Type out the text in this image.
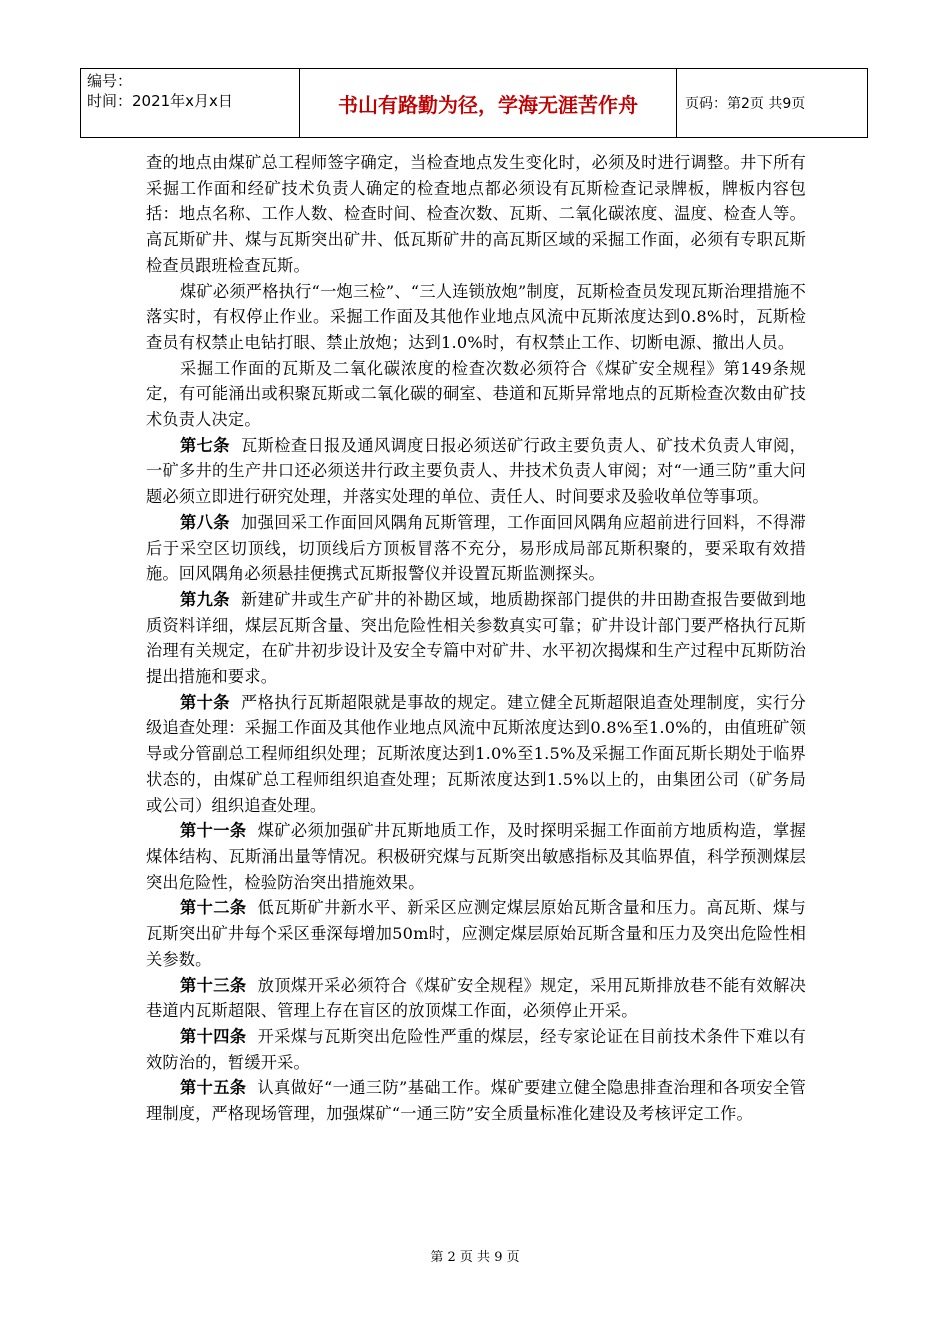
编号：
时间：2021年x月x日	书山有路勤为径，学海无涯苦作舟	页码：第2页 共9页

查的地点由煤矿总工程师签字确定，当检查地点发生变化时，必须及时进行调整。井下所有采掘工作面和经矿技术负责人确定的检查地点都必须设有瓦斯检查记录牌板，牌板内容包括：地点名称、工作人数、检查时间、检查次数、瓦斯、二氧化碳浓度、温度、检查人等。高瓦斯矿井、煤与瓦斯突出矿井、低瓦斯矿井的高瓦斯区域的采掘工作面，必须有专职瓦斯检查员跟班检查瓦斯。

煤矿必须严格执行“一炮三检”、“三人连锁放炮”制度，瓦斯检查员发现瓦斯治理措施不落实时，有权停止作业。采掘工作面及其他作业地点风流中瓦斯浓度达到0.8%时，瓦斯检查员有权禁止电钻打眼、禁止放炮；达到1.0%时，有权禁止工作、切断电源、撤出人员。

采掘工作面的瓦斯及二氧化碳浓度的检查次数必须符合《煤矿安全规程》第149条规定，有可能涌出或积聚瓦斯或二氧化碳的硐室、巷道和瓦斯异常地点的瓦斯检查次数由矿技术负责人决定。

第七条 瓦斯检查日报及通风调度日报必须送矿行政主要负责人、矿技术负责人审阅，一矿多井的生产井口还必须送井行政主要负责人、井技术负责人审阅；对“一通三防”重大问题必须立即进行研究处理，并落实处理的单位、责任人、时间要求及验收单位等事项。

第八条 加强回采工作面回风隅角瓦斯管理，工作面回风隅角应超前进行回料，不得滞后于采空区切顶线，切顶线后方顶板冒落不充分，易形成局部瓦斯积聚的，要采取有效措施。回风隅角必须悬挂便携式瓦斯报警仪并设置瓦斯监测探头。

第九条 新建矿井或生产矿井的补勘区域，地质勘探部门提供的井田勘查报告要做到地质资料详细，煤层瓦斯含量、突出危险性相关参数真实可靠；矿井设计部门要严格执行瓦斯治理有关规定，在矿井初步设计及安全专篇中对矿井、水平初次揭煤和生产过程中瓦斯防治提出措施和要求。

第十条 严格执行瓦斯超限就是事故的规定。建立健全瓦斯超限追查处理制度，实行分级追查处理：采掘工作面及其他作业地点风流中瓦斯浓度达到0.8%至1.0%的，由值班矿领导或分管副总工程师组织处理；瓦斯浓度达到1.0%至1.5%及采掘工作面瓦斯长期处于临界状态的，由煤矿总工程师组织追查处理；瓦斯浓度达到1.5%以上的，由集团公司（矿务局或公司）组织追查处理。

第十一条 煤矿必须加强矿井瓦斯地质工作，及时探明采掘工作面前方地质构造，掌握煤体结构、瓦斯涌出量等情况。积极研究煤与瓦斯突出敏感指标及其临界值，科学预测煤层突出危险性，检验防治突出措施效果。

第十二条 低瓦斯矿井新水平、新采区应测定煤层原始瓦斯含量和压力。高瓦斯、煤与瓦斯突出矿井每个采区垂深每增加50m时，应测定煤层原始瓦斯含量和压力及突出危险性相关参数。

第十三条 放顶煤开采必须符合《煤矿安全规程》规定，采用瓦斯排放巷不能有效解决巷道内瓦斯超限、管理上存在盲区的放顶煤工作面，必须停止开采。

第十四条 开采煤与瓦斯突出危险性严重的煤层，经专家论证在目前技术条件下难以有效防治的，暂缓开采。

第十五条 认真做好“一通三防”基础工作。煤矿要建立健全隐患排查治理和各项安全管理制度，严格现场管理，加强煤矿“一通三防”安全质量标准化建设及考核评定工作。

第 2 页 共 9 页
